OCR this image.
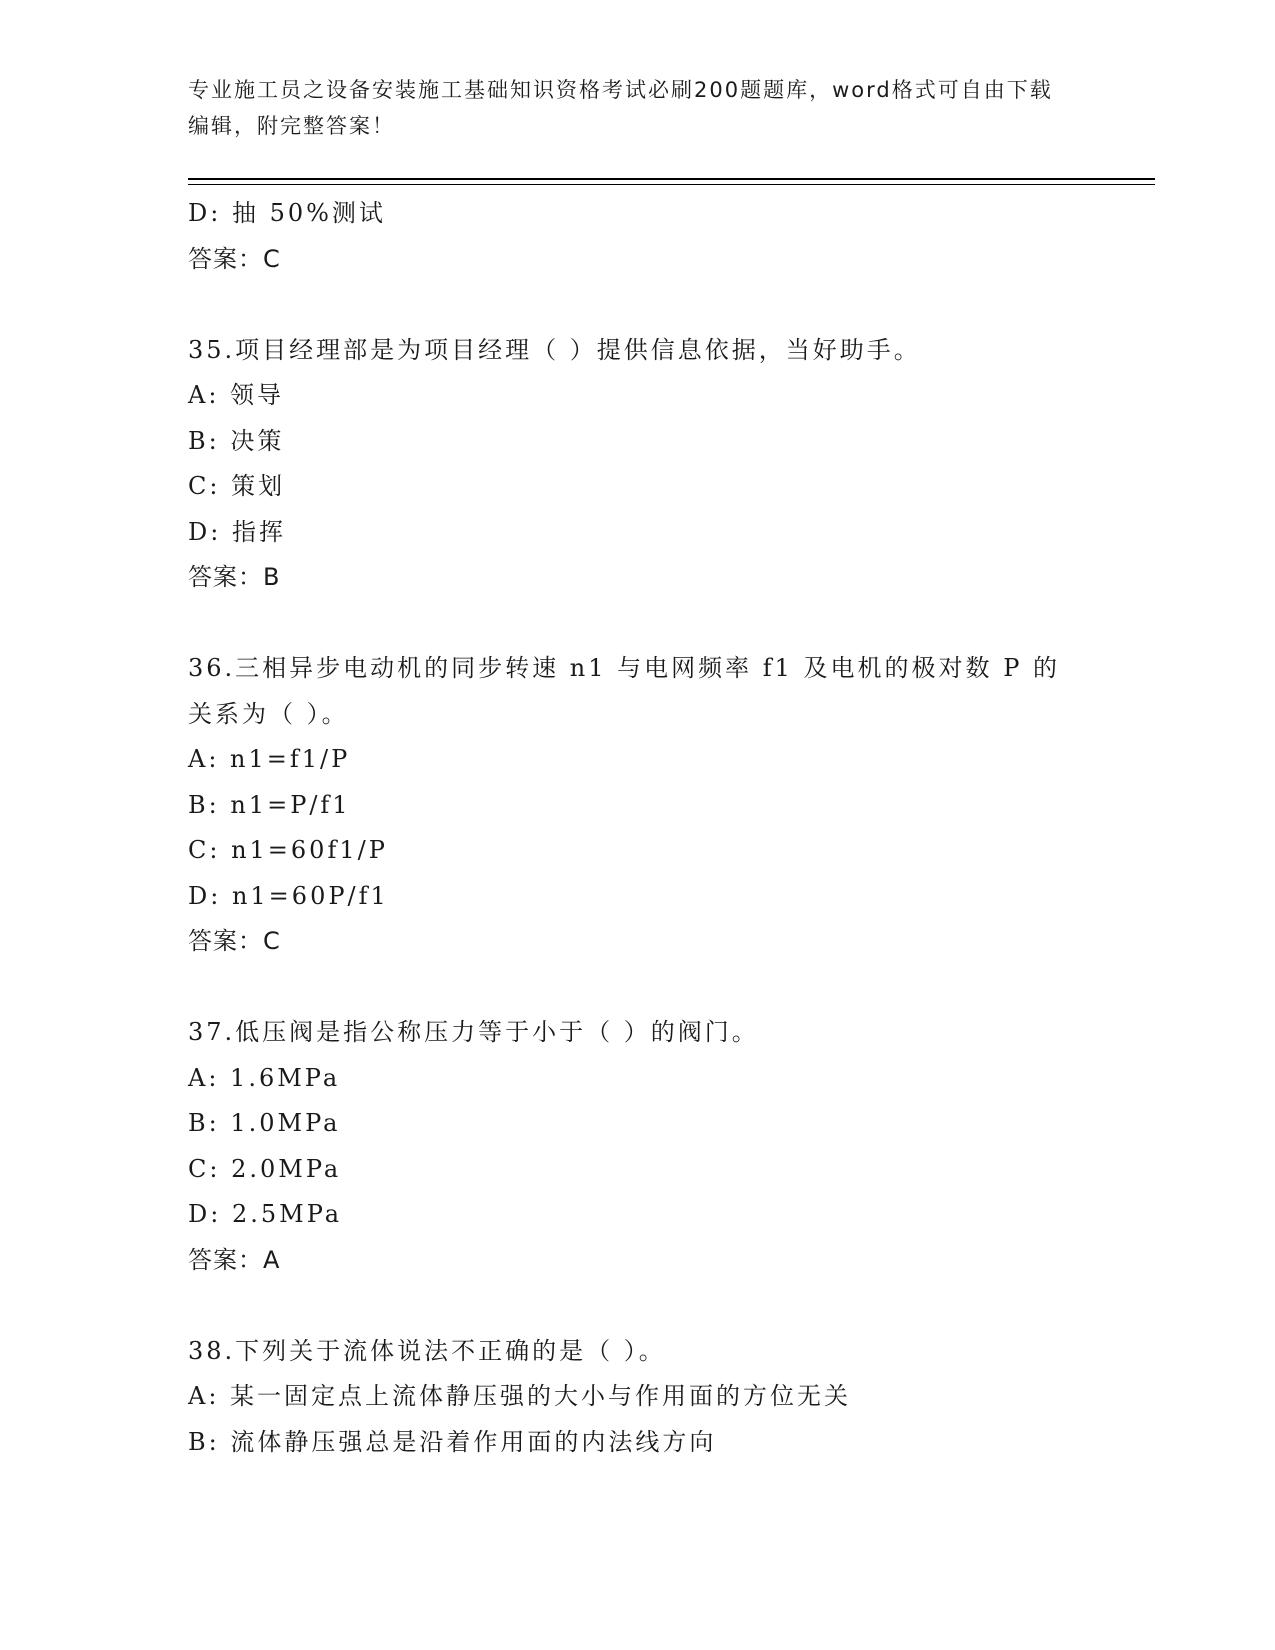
专业施工员之设备安装施工基础知识资格考试必刷200题题库，word格式可自由下载编辑，附完整答案！
D: 抽 50%测试
答案：C
35.项目经理部是为项目经理（ ）提供信息依据，当好助手。
A: 领导
B: 决策
C: 策划
D: 指挥
答案：B
36.三相异步电动机的同步转速 n1 与电网频率 f1 及电机的极对数 P 的
关系为（ ）。
A: n1=f1/P
B: n1=P/f1
C: n1=60f1/P
D: n1=60P/f1
答案：C
37.低压阀是指公称压力等于小于（ ）的阀门。
A: 1.6MPa
B: 1.0MPa
C: 2.0MPa
D: 2.5MPa
答案：A
38.下列关于流体说法不正确的是（ ）。
A: 某一固定点上流体静压强的大小与作用面的方位无关
B: 流体静压强总是沿着作用面的内法线方向
